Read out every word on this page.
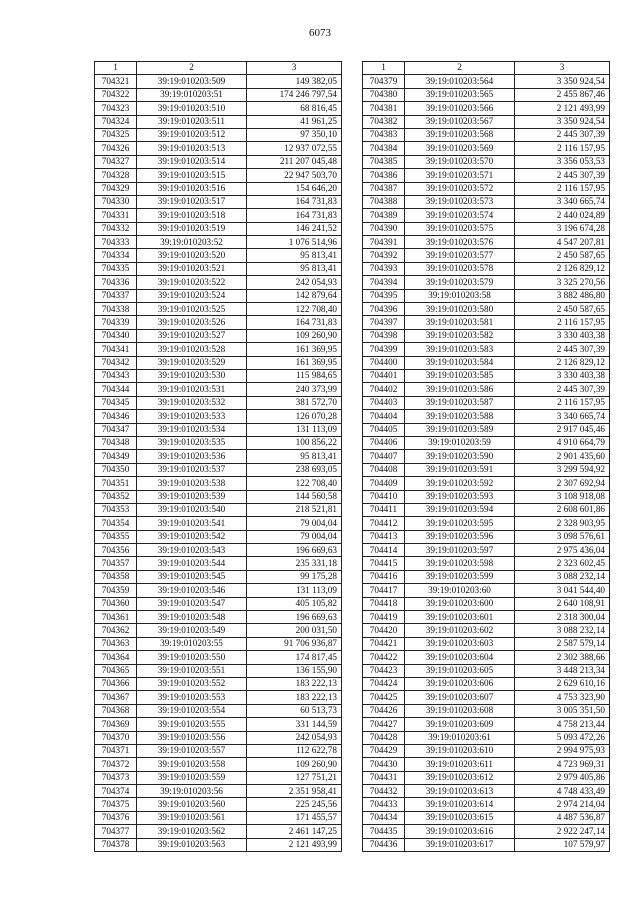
6073
1	2	3
704321	39:19:010203:509	149 382,05
704322	39:19:010203:51	174 246 797,54
704323	39:19:010203:510	68 816,45
704324	39:19:010203:511	41 961,25
704325	39:19:010203:512	97 350,10
704326	39:19:010203:513	12 937 072,55
704327	39:19:010203:514	211 207 045,48
704328	39:19:010203:515	22 947 503,70
704329	39:19:010203:516	154 646,20
704330	39:19:010203:517	164 731,83
704331	39:19:010203:518	164 731,83
704332	39:19:010203:519	146 241,52
704333	39:19:010203:52	1 076 514,96
704334	39:19:010203:520	95 813,41
704335	39:19:010203:521	95 813,41
704336	39:19:010203:522	242 054,93
704337	39:19:010203:524	142 879,64
704338	39:19:010203:525	122 708,40
704339	39:19:010203:526	164 731,83
704340	39:19:010203:527	109 260,90
704341	39:19:010203:528	161 369,95
704342	39:19:010203:529	161 369,95
704343	39:19:010203:530	115 984,65
704344	39:19:010203:531	240 373,99
704345	39:19:010203:532	381 572,70
704346	39:19:010203:533	126 070,28
704347	39:19:010203:534	131 113,09
704348	39:19:010203:535	100 856,22
704349	39:19:010203:536	95 813,41
704350	39:19:010203:537	238 693,05
704351	39:19:010203:538	122 708,40
704352	39:19:010203:539	144 560,58
704353	39:19:010203:540	218 521,81
704354	39:19:010203:541	79 004,04
704355	39:19:010203:542	79 004,04
704356	39:19:010203:543	196 669,63
704357	39:19:010203:544	235 331,18
704358	39:19:010203:545	99 175,28
704359	39:19:010203:546	131 113,09
704360	39:19:010203:547	405 105,82
704361	39:19:010203:548	196 669,63
704362	39:19:010203:549	200 031,50
704363	39:19:010203:55	91 706 936,87
704364	39:19:010203:550	174 817,45
704365	39:19:010203:551	136 155,90
704366	39:19:010203:552	183 222,13
704367	39:19:010203:553	183 222,13
704368	39:19:010203:554	60 513,73
704369	39:19:010203:555	331 144,59
704370	39:19:010203:556	242 054,93
704371	39:19:010203:557	112 622,78
704372	39:19:010203:558	109 260,90
704373	39:19:010203:559	127 751,21
704374	39:19:010203:56	2 351 958,41
704375	39:19:010203:560	225 245,56
704376	39:19:010203:561	171 455,57
704377	39:19:010203:562	2 461 147,25
704378	39:19:010203:563	2 121 493,99
1	2	3
704379	39:19:010203:564	3 350 924,54
704380	39:19:010203:565	2 455 867,46
704381	39:19:010203:566	2 121 493,99
704382	39:19:010203:567	3 350 924,54
704383	39:19:010203:568	2 445 307,39
704384	39:19:010203:569	2 116 157,95
704385	39:19:010203:570	3 356 053,53
704386	39:19:010203:571	2 445 307,39
704387	39:19:010203:572	2 116 157,95
704388	39:19:010203:573	3 340 665,74
704389	39:19:010203:574	2 440 024,89
704390	39:19:010203:575	3 196 674,28
704391	39:19:010203:576	4 547 207,81
704392	39:19:010203:577	2 450 587,65
704393	39:19:010203:578	2 126 829,12
704394	39:19:010203:579	3 325 270,56
704395	39:19:010203:58	3 882 486,80
704396	39:19:010203:580	2 450 587,65
704397	39:19:010203:581	2 116 157,95
704398	39:19:010203:582	3 330 403,38
704399	39:19:010203:583	2 445 307,39
704400	39:19:010203:584	2 126 829,12
704401	39:19:010203:585	3 330 403,38
704402	39:19:010203:586	2 445 307,39
704403	39:19:010203:587	2 116 157,95
704404	39:19:010203:588	3 340 665,74
704405	39:19:010203:589	2 917 045,46
704406	39:19:010203:59	4 910 664,79
704407	39:19:010203:590	2 901 435,60
704408	39:19:010203:591	3 299 594,92
704409	39:19:010203:592	2 307 692,94
704410	39:19:010203:593	3 108 918,08
704411	39:19:010203:594	2 608 601,86
704412	39:19:010203:595	2 328 903,95
704413	39:19:010203:596	3 098 576,61
704414	39:19:010203:597	2 975 436,04
704415	39:19:010203:598	2 323 602,45
704416	39:19:010203:599	3 088 232,14
704417	39:19:010203:60	3 041 544,40
704418	39:19:010203:600	2 640 108,91
704419	39:19:010203:601	2 318 300,04
704420	39:19:010203:602	3 088 232,14
704421	39:19:010203:603	2 587 579,14
704422	39:19:010203:604	2 302 388,66
704423	39:19:010203:605	3 448 213,34
704424	39:19:010203:606	2 629 610,16
704425	39:19:010203:607	4 753 323,90
704426	39:19:010203:608	3 005 351,50
704427	39:19:010203:609	4 758 213,44
704428	39:19:010203:61	5 093 472,26
704429	39:19:010203:610	2 994 975,93
704430	39:19:010203:611	4 723 969,31
704431	39:19:010203:612	2 979 405,86
704432	39:19:010203:613	4 748 433,49
704433	39:19:010203:614	2 974 214,04
704434	39:19:010203:615	4 487 536,87
704435	39:19:010203:616	2 922 247,14
704436	39:19:010203:617	107 579,97
